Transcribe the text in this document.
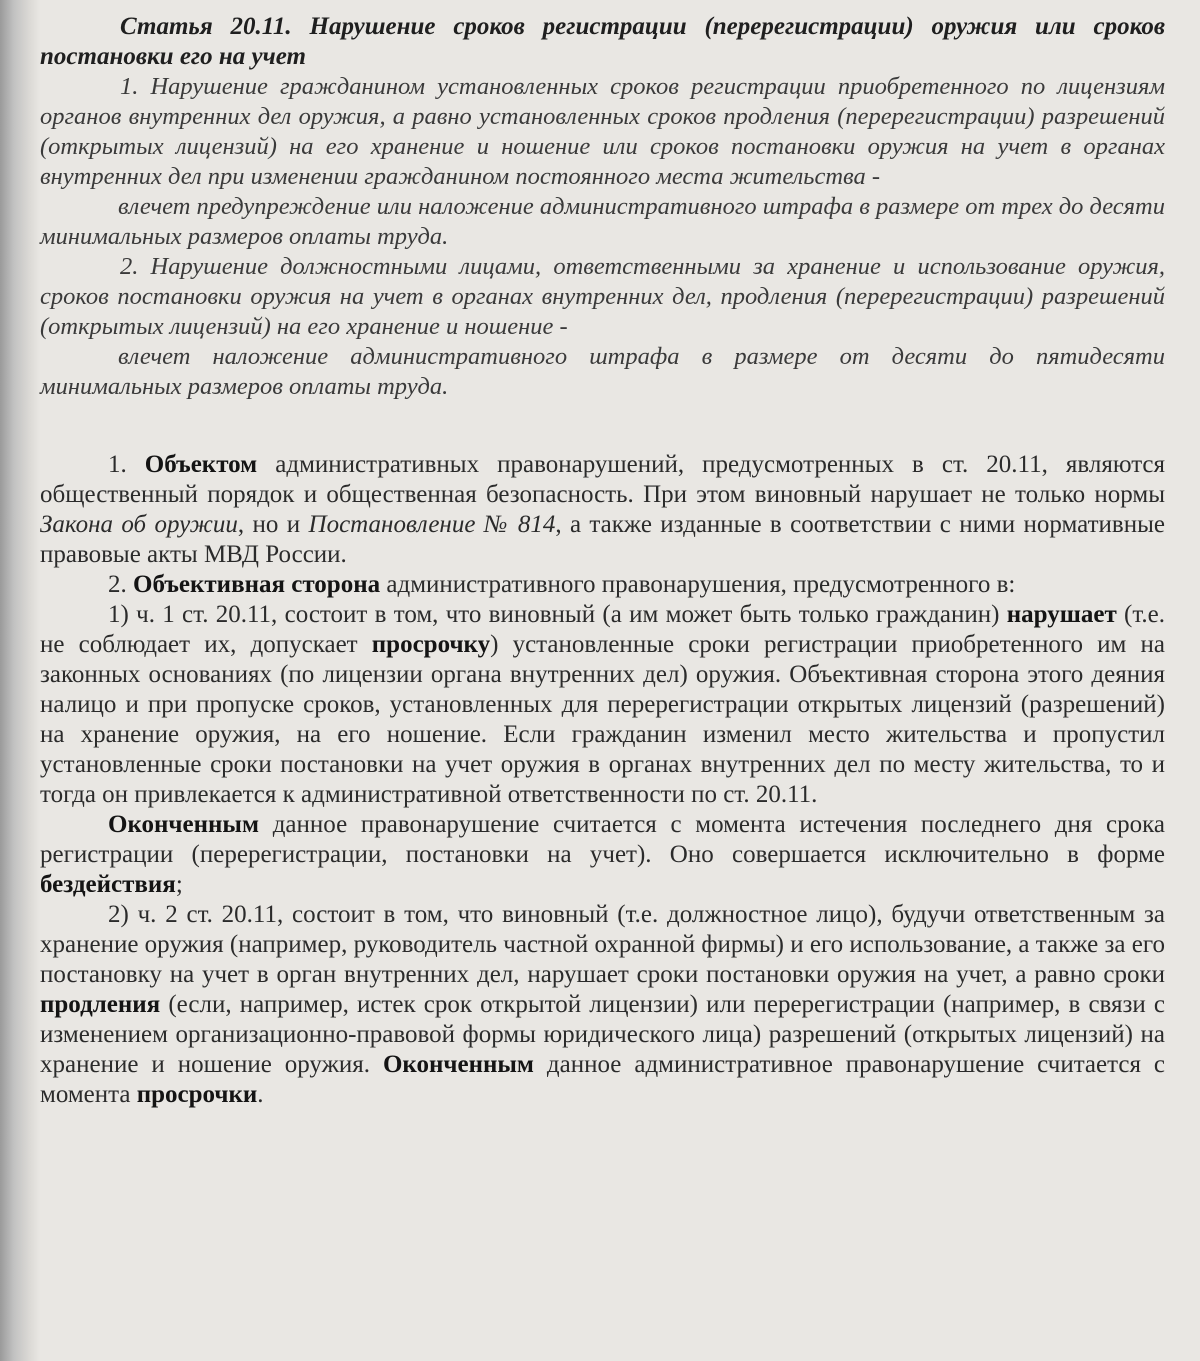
Статья 20.11. Нарушение сроков регистрации (перерегистрации) оружия или сроков постановки его на учет

1. Нарушение гражданином установленных сроков регистрации приобретенного по лицензиям органов внутренних дел оружия, а равно установленных сроков продления (перерегистрации) разрешений (открытых лицензий) на его хранение и ношение или сроков постановки оружия на учет в органах внутренних дел при изменении гражданином постоянного места жительства -

влечет предупреждение или наложение административного штрафа в размере от трех до десяти минимальных размеров оплаты труда.

2. Нарушение должностными лицами, ответственными за хранение и использование оружия, сроков постановки оружия на учет в органах внутренних дел, продления (перерегистрации) разрешений (открытых лицензий) на его хранение и ношение -

влечет наложение административного штрафа в размере от десяти до пятидесяти минимальных размеров оплаты труда.

1. Объектом административных правонарушений, предусмотренных в ст. 20.11, являются общественный порядок и общественная безопасность. При этом виновный нарушает не только нормы Закона об оружии, но и Постановление № 814, а также изданные в соответствии с ними нормативные правовые акты МВД России.

2. Объективная сторона административного правонарушения, предусмотренного в:

1) ч. 1 ст. 20.11, состоит в том, что виновный (а им может быть только гражданин) нарушает (т.е. не соблюдает их, допускает просрочку) установленные сроки регистрации приобретенного им на законных основаниях (по лицензии органа внутренних дел) оружия. Объективная сторона этого деяния налицо и при пропуске сроков, установленных для перерегистрации открытых лицензий (разрешений) на хранение оружия, на его ношение. Если гражданин изменил место жительства и пропустил установленные сроки постановки на учет оружия в органах внутренних дел по месту жительства, то и тогда он привлекается к административной ответственности по ст. 20.11.

Оконченным данное правонарушение считается с момента истечения последнего дня срока регистрации (перерегистрации, постановки на учет). Оно совершается исключительно в форме бездействия;

2) ч. 2 ст. 20.11, состоит в том, что виновный (т.е. должностное лицо), будучи ответственным за хранение оружия (например, руководитель частной охранной фирмы) и его использование, а также за его постановку на учет в орган внутренних дел, нарушает сроки постановки оружия на учет, а равно сроки продления (если, например, истек срок открытой лицензии) или перерегистрации (например, в связи с изменением организационно-правовой формы юридического лица) разрешений (открытых лицензий) на хранение и ношение оружия. Оконченным данное административное правонарушение считается с момента просрочки.
